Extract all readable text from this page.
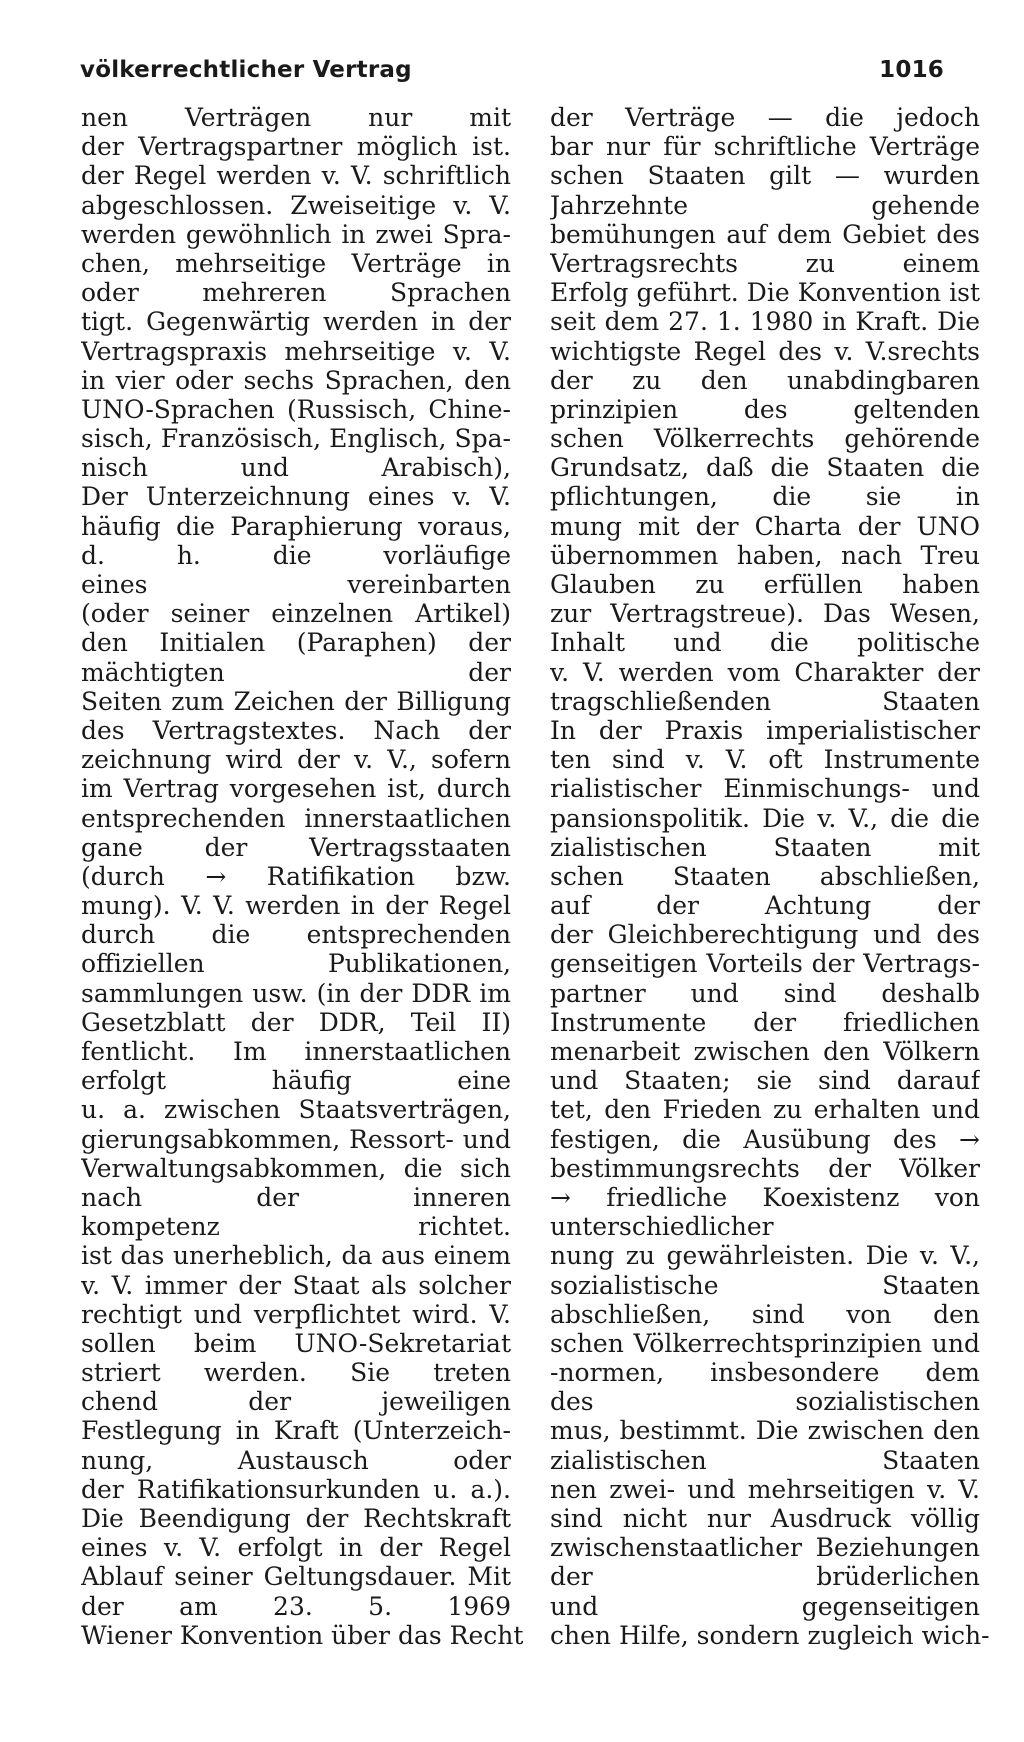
völkerrechtlicher Vertrag	1016
nen Verträgen nur mit
der Vertragspartner möglich ist.
der Regel werden v. V. schriftlich
abgeschlossen. Zweiseitige v. V.
werden gewöhnlich in zwei Spra-
chen, mehrseitige Verträge in
oder mehreren Sprachen
tigt. Gegenwärtig werden in der
Vertragspraxis mehrseitige v. V.
in vier oder sechs Sprachen, den
UNO-Sprachen (Russisch, Chine-
sisch, Französisch, Englisch, Spa-
nisch und Arabisch),
Der Unterzeichnung eines v. V.
häufig die Paraphierung voraus,
d. h. die vorläufige
eines vereinbarten
(oder seiner einzelnen Artikel)
den Initialen (Paraphen) der
mächtigten der
Seiten zum Zeichen der Billigung
des Vertragstextes. Nach der
zeichnung wird der v. V., sofern
im Vertrag vorgesehen ist, durch
entsprechenden innerstaatlichen
gane der Vertragsstaaten
(durch → Ratifikation bzw.
mung). V. V. werden in der Regel
durch die entsprechenden
offiziellen Publikationen,
sammlungen usw. (in der DDR im
Gesetzblatt der DDR, Teil II)
fentlicht. Im innerstaatlichen
erfolgt häufig eine
u. a. zwischen Staatsverträgen,
gierungsabkommen, Ressort- und
Verwaltungsabkommen, die sich
nach der inneren
kompetenz richtet.
ist das unerheblich, da aus einem
v. V. immer der Staat als solcher
rechtigt und verpflichtet wird. V.
sollen beim UNO-Sekretariat
striert werden. Sie treten
chend der jeweiligen
Festlegung in Kraft (Unterzeich-
nung, Austausch oder
der Ratifikationsurkunden u. a.).
Die Beendigung der Rechtskraft
eines v. V. erfolgt in der Regel
Ablauf seiner Geltungsdauer. Mit
der am 23. 5. 1969
Wiener Konvention über das Recht
der Verträge — die jedoch
bar nur für schriftliche Verträge
schen Staaten gilt — wurden
Jahrzehnte gehende
bemühungen auf dem Gebiet des
Vertragsrechts zu einem
Erfolg geführt. Die Konvention ist
seit dem 27. 1. 1980 in Kraft. Die
wichtigste Regel des v. V.srechts
der zu den unabdingbaren
prinzipien des geltenden
schen Völkerrechts gehörende
Grundsatz, daß die Staaten die
pflichtungen, die sie in
mung mit der Charta der UNO
übernommen haben, nach Treu
Glauben zu erfüllen haben
zur Vertragstreue). Das Wesen,
Inhalt und die politische
v. V. werden vom Charakter der
tragschließenden Staaten
In der Praxis imperialistischer
ten sind v. V. oft Instrumente
rialistischer Einmischungs- und
pansionspolitik. Die v. V., die die
zialistischen Staaten mit
schen Staaten abschließen,
auf der Achtung der
der Gleichberechtigung und des
genseitigen Vorteils der Vertrags-
partner und sind deshalb
Instrumente der friedlichen
menarbeit zwischen den Völkern
und Staaten; sie sind darauf
tet, den Frieden zu erhalten und
festigen, die Ausübung des →
bestimmungsrechts der Völker
→ friedliche Koexistenz von
unterschiedlicher
nung zu gewährleisten. Die v. V.,
sozialistische Staaten
abschließen, sind von den
schen Völkerrechtsprinzipien und
-normen, insbesondere dem
des sozialistischen
mus, bestimmt. Die zwischen den
zialistischen Staaten
nen zwei- und mehrseitigen v. V.
sind nicht nur Ausdruck völlig
zwischenstaatlicher Beziehungen
der brüderlichen
und gegenseitigen
chen Hilfe, sondern zugleich wich-
